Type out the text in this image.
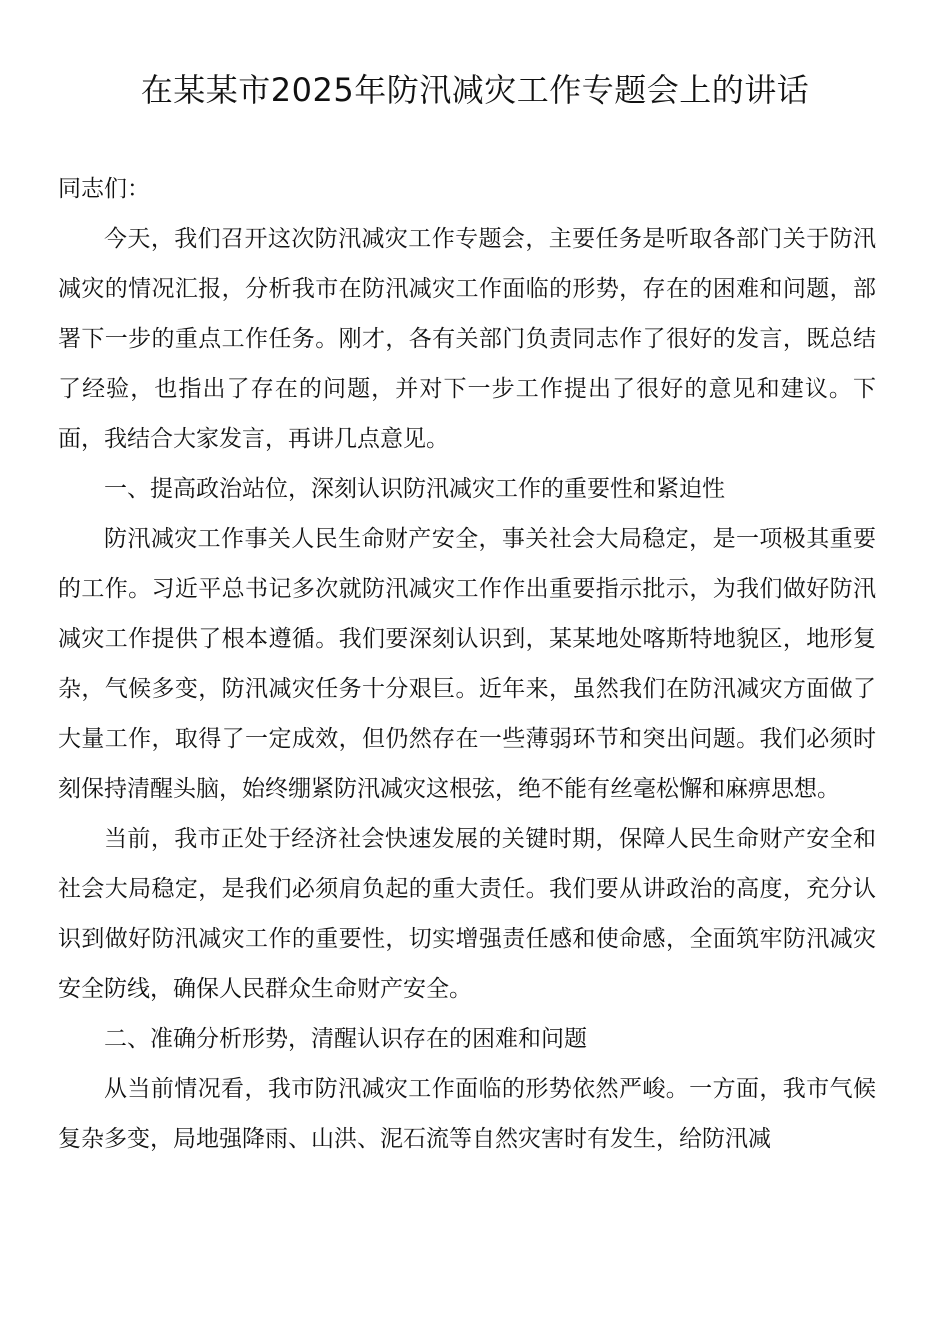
在某某市2025年防汛减灾工作专题会上的讲话

同志们：

今天，我们召开这次防汛减灾工作专题会，主要任务是听取各部门关于防汛减灾的情况汇报，分析我市在防汛减灾工作面临的形势，存在的困难和问题，部署下一步的重点工作任务。刚才，各有关部门负责同志作了很好的发言，既总结了经验，也指出了存在的问题，并对下一步工作提出了很好的意见和建议。下面，我结合大家发言，再讲几点意见。

一、提高政治站位，深刻认识防汛减灾工作的重要性和紧迫性

防汛减灾工作事关人民生命财产安全，事关社会大局稳定，是一项极其重要的工作。习近平总书记多次就防汛减灾工作作出重要指示批示，为我们做好防汛减灾工作提供了根本遵循。我们要深刻认识到，某某地处喀斯特地貌区，地形复杂，气候多变，防汛减灾任务十分艰巨。近年来，虽然我们在防汛减灾方面做了大量工作，取得了一定成效，但仍然存在一些薄弱环节和突出问题。我们必须时刻保持清醒头脑，始终绷紧防汛减灾这根弦，绝不能有丝毫松懈和麻痹思想。

当前，我市正处于经济社会快速发展的关键时期，保障人民生命财产安全和社会大局稳定，是我们必须肩负起的重大责任。我们要从讲政治的高度，充分认识到做好防汛减灾工作的重要性，切实增强责任感和使命感，全面筑牢防汛减灾安全防线，确保人民群众生命财产安全。

二、准确分析形势，清醒认识存在的困难和问题

从当前情况看，我市防汛减灾工作面临的形势依然严峻。一方面，我市气候复杂多变，局地强降雨、山洪、泥石流等自然灾害时有发生，给防汛减
